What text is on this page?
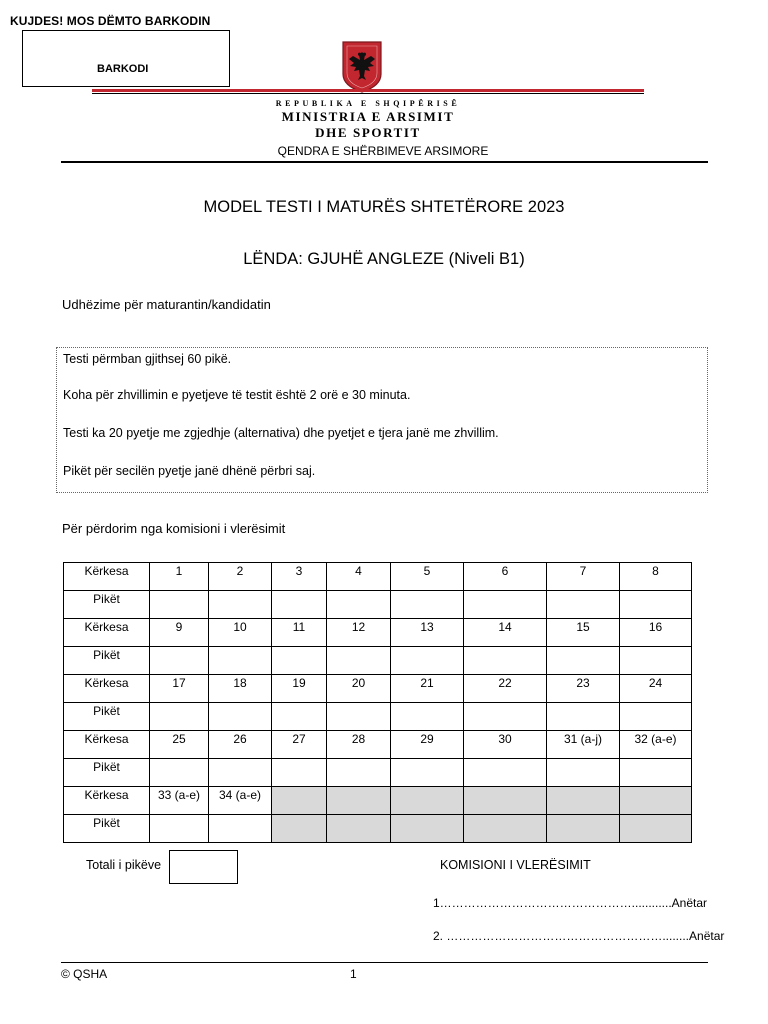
KUJDES! MOS DËMTO BARKODIN
BARKODI
REPUBLIKA E SHQIPËRISË
MINISTRIA E ARSIMIT
DHE SPORTIT
QENDRA E SHËRBIMEVE ARSIMORE
MODEL TESTI I MATURËS SHTETËRORE 2023
LËNDA: GJUHË ANGLEZE (Niveli B1)
Udhëzime për maturantin/kandidatin

Testi përmban gjithsej 60 pikë.

Koha për zhvillimin e pyetjeve të testit është 2 orë e 30 minuta.

Testi ka 20 pyetje me zgjedhje (alternativa) dhe pyetjet e tjera janë me zhvillim.

Pikët për secilën pyetje janë dhënë përbri saj.

Për përdorim nga komisioni i vlerësimit
Kërkesa	1	2	3	4	5	6	7	8
Pikët								
Kërkesa	9	10	11	12	13	14	15	16
Pikët								
Kërkesa	17	18	19	20	21	22	23	24
Pikët								
Kërkesa	25	26	27	28	29	30	31 (a-j)	32 (a-e)
Pikët								
Kërkesa	33 (a-e)	34 (a-e)						
Pikët								
Totali i pikëve	KOMISIONI I VLERËSIMIT
1…………………………………………............Anëtar
2. ………………………………………………........Anëtar
© QSHA	1
